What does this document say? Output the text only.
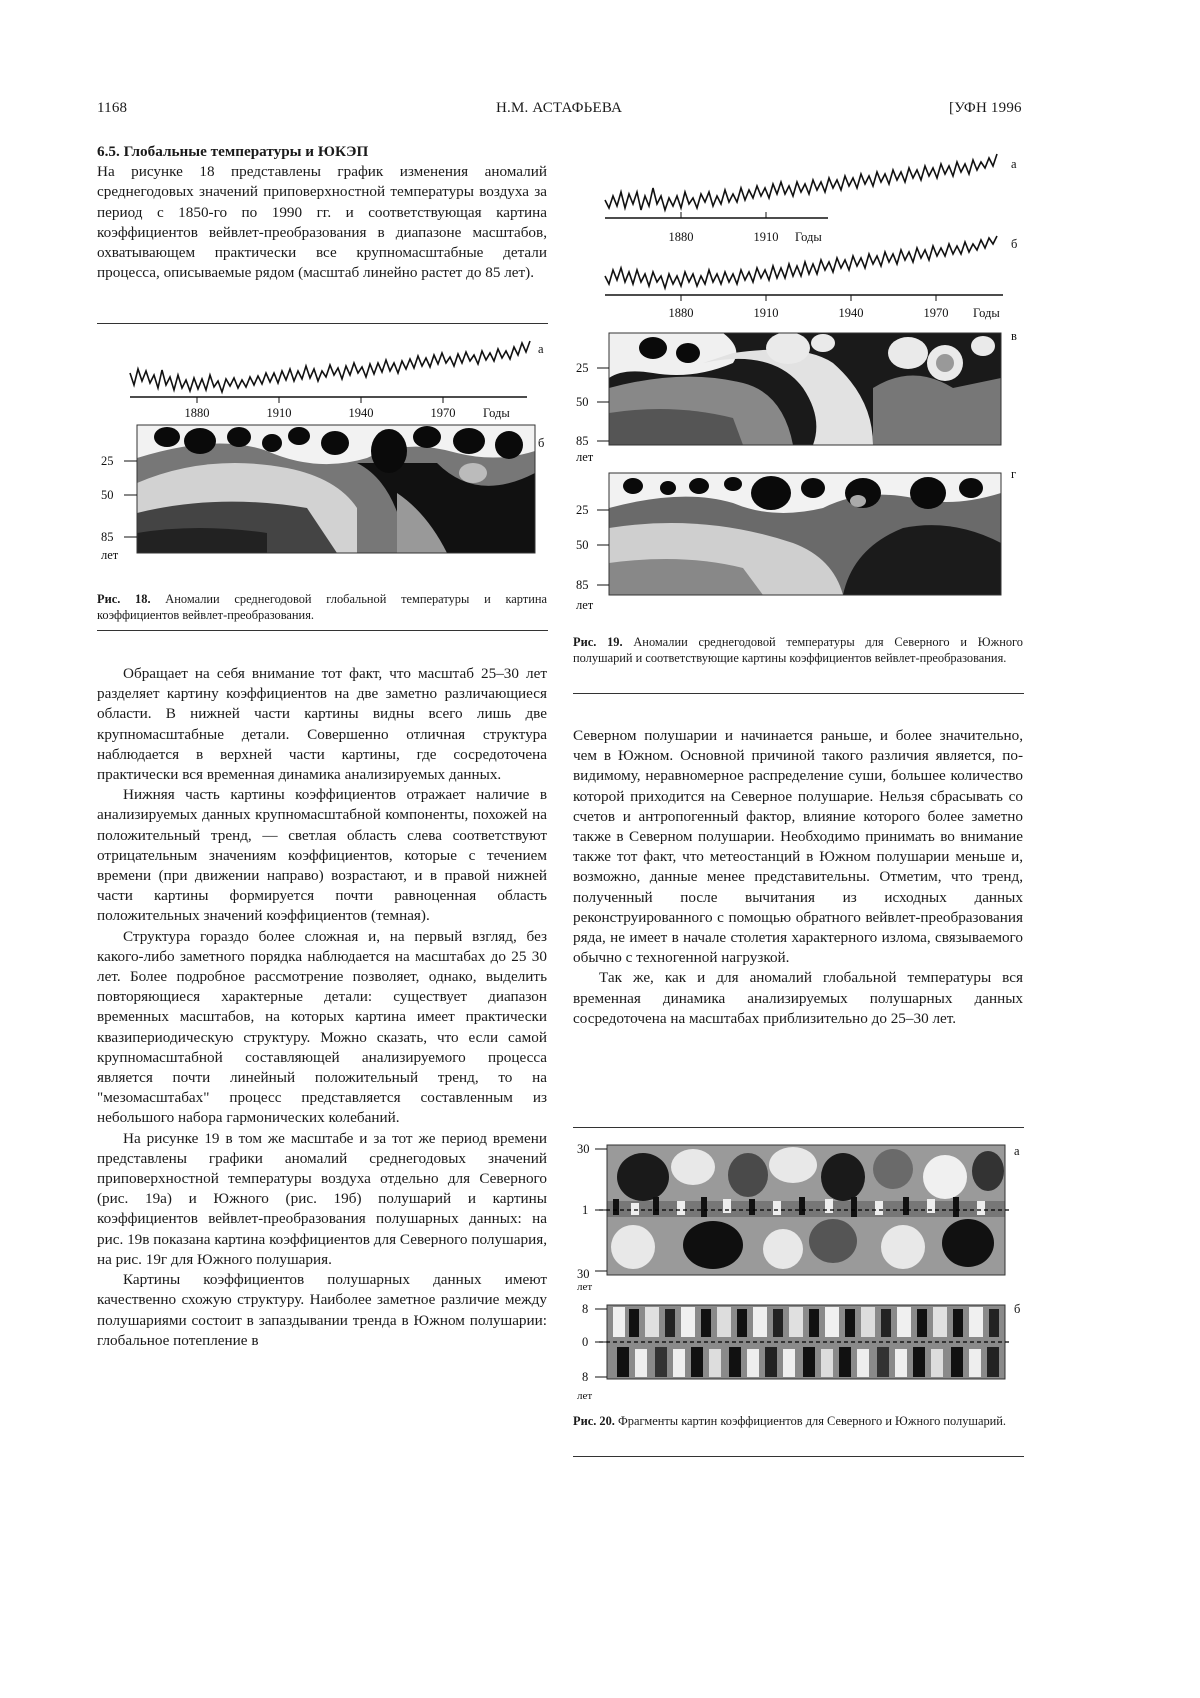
1168	Н.М. АСТАФЬЕВА	[УФН 1996

6.5. Глобальные температуры и ЮКЭП

На рисунке 18 представлены график изменения аномалий среднегодовых значений приповерхностной температуры воздуха за период с 1850-го по 1990 гг. и соответствующая картина коэффициентов вейвлет-преобразования в диапазоне масштабов, охватывающем практически все крупномасштабные детали процесса, описываемые рядом (масштаб линейно растет до 85 лет).

1880	1910	1940	1970 Годы
а
б
25
50
85
лет
Рис. 18. Аномалии среднегодовой глобальной температуры и картина коэффициентов вейвлет-преобразования.

Обращает на себя внимание тот факт, что масштаб 25–30 лет разделяет картину коэффициентов на две заметно различающиеся области. В нижней части картины видны всего лишь две крупномасштабные детали. Совершенно отличная структура наблюдается в верхней части картины, где сосредоточена практически вся временная динамика анализируемых данных.

Нижняя часть картины коэффициентов отражает наличие в анализируемых данных крупномасштабной компоненты, похожей на положительный тренд, — светлая область слева соответствуют отрицательным значениям коэффициентов, которые с течением времени (при движении направо) возрастают, и в правой нижней части картины формируется почти равноценная область положительных значений коэффициентов (темная).

Структура гораздо более сложная и, на первый взгляд, без какого-либо заметного порядка наблюдается на масштабах до 25 30 лет. Более подробное рассмотрение позволяет, однако, выделить повторяющиеся характерные детали: существует диапазон временных масштабов, на которых картина имеет практически квазипериодическую структуру. Можно сказать, что если самой крупномасштабной составляющей анализируемого процесса является почти линейный положительный тренд, то на "мезомасштабах" процесс представляется составленным из небольшого набора гармонических колебаний.

На рисунке 19 в том же масштабе и за тот же период времени представлены графики аномалий среднегодовых значений приповерхностной температуры воздуха отдельно для Северного (рис. 19а) и Южного (рис. 19б) полушарий и картины коэффициентов вейвлет-преобразования полушарных данных: на рис. 19в показана картина коэффициентов для Северного полушария, на рис. 19г для Южного полушария.

Картины коэффициентов полушарных данных имеют качественно схожую структуру. Наиболее заметное различие между полушариями состоит в запаздывании тренда в Южном полушарии: глобальное потепление в

1880	1910 Годы
а
1880	1910	1940	1970 Годы
б
25
50
85
лет
в
25
50
85
лет
г
Рис. 19. Аномалии среднегодовой температуры для Северного и Южного полушарий и соответствующие картины коэффициентов вейвлет-преобразования.

Северном полушарии и начинается раньше, и более значительно, чем в Южном. Основной причиной такого различия является, по-видимому, неравномерное распределение суши, большее количество которой приходится на Северное полушарие. Нельзя сбрасывать со счетов и антропогенный фактор, влияние которого более заметно также в Северном полушарии. Необходимо принимать во внимание также тот факт, что метеостанций в Южном полушарии меньше и, возможно, данные менее представительны. Отметим, что тренд, полученный после вычитания из исходных данных реконструированного с помощью обратного вейвлет-преобразования ряда, не имеет в начале столетия характерного излома, связываемого обычно с техногенной нагрузкой.

Так же, как и для аномалий глобальной температуры вся временная динамика анализируемых полушарных данных сосредоточена на масштабах приблизительно до 25–30 лет.

30
1
30
лет
а
8
0
8
лет
б
Рис. 20. Фрагменты картин коэффициентов для Северного и Южного полушарий.
